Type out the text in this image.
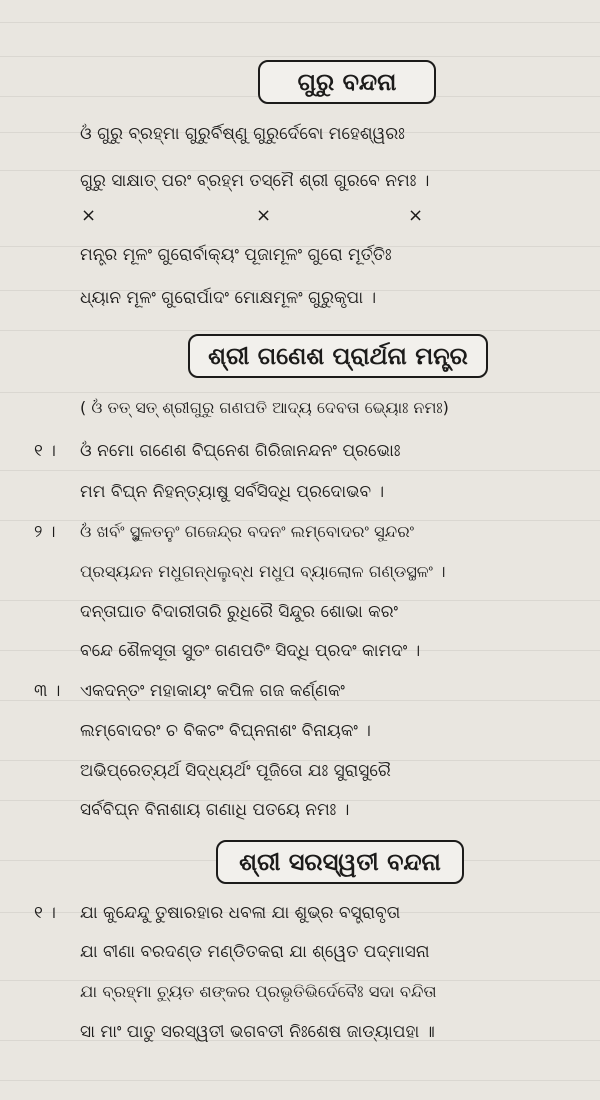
ଗୁରୁ ବନ୍ଦନା
ଓଁ ଗୁରୁ ବ୍ରହ୍ମା ଗୁରୁର୍ବିଷ୍ଣୁ ଗୁରୁର୍ଦେବୋ ମହେଶ୍ୱରଃ
ଗୁରୁ ସାକ୍ଷାତ୍ ପରଂ ବ୍ରହ୍ମ ତସ୍ମୈ ଶ୍ରୀ ଗୁରବେ ନମଃ ।
×	×	×
ମନ୍ତ୍ର ମୂଳଂ ଗୁରୋର୍ବାକ୍ୟଂ ପୂଜାମୂଳଂ ଗୁରୋ ମୂର୍ତ୍ତିଃ
ଧ୍ୟାନ ମୂଳଂ ଗୁରୋର୍ପାଦଂ ମୋକ୍ଷମୂଳଂ ଗୁରୁକୃପା ।
ଶ୍ରୀ ଗଣେଶ ପ୍ରାର୍ଥନା ମନ୍ତ୍ର
( ଓଁ ତତ୍ ସତ୍ ଶ୍ରୀଗୁରୁ ଗଣପତି ଆଦ୍ୟ ଦେବତା ଭ୍ୟୋଃ ନମଃ)
୧ । ଓଁ ନମୋ ଗଣେଶ ବିଘ୍ନେଶ ଗିରିଜାନନ୍ଦନଂ ପ୍ରଭୋଃ
ମମ ବିଘ୍ନ ନିହନ୍ତ୍ୟାଷୁ ସର୍ବସିଦ୍ଧି ପ୍ରଦୋଭବ ।
୨ । ଓଁ ଖର୍ବଂ ସ୍ଥୁଳତନୁଂ ଗଜେନ୍ଦ୍ର ବଦନଂ ଲମ୍ବୋଦରଂ ସୁନ୍ଦରଂ
ପ୍ରସ୍ୟନ୍ଦନ ମଧୁଗନ୍ଧଲୁବ୍ଧ ମଧୁପ ବ୍ୟାଲୋଳ ଗଣ୍ଡସ୍ଥଳଂ ।
ଦନ୍ତାଘାତ ବିଦାରୀତାରି ରୁଧିରୈ ସିନ୍ଦୁର ଶୋଭା କରଂ
ବନ୍ଦେ ଶୈଳସୂତା ସୁତଂ ଗଣପତିଂ ସିଦ୍ଧି ପ୍ରଦଂ କାମଦଂ ।
୩ । ଏକଦନ୍ତଂ ମହାକାୟଂ କପିଳ ଗଜ କର୍ଣ୍ଣକଂ
ଲମ୍ବୋଦରଂ ଚ ବିକଟଂ ବିଘ୍ନନାଶଂ ବିନାୟକଂ ।
ଅଭିପ୍ରେତ୍ୟର୍ଥ ସିଦ୍ଧ୍ୟର୍ଥଂ ପୂଜିତୋ ଯଃ ସୁରାସୁରୈ
ସର୍ବବିଘ୍ନ ବିନାଶାୟ ଗଣାଧି ପତୟେ ନମଃ ।
ଶ୍ରୀ ସରସ୍ୱତୀ ବନ୍ଦନା
୧ । ଯା କୁନ୍ଦେନ୍ଦୁ ତୁଷାରହାର ଧବଳା ଯା ଶୁଭ୍ର ବସ୍ତ୍ରାବୃତା
ଯା ବୀଣା ବରଦଣ୍ଡ ମଣ୍ଡିତକରା ଯା ଶ୍ୱେତ ପଦ୍ମାସନା
ଯା ବ୍ରହ୍ମା ଚ୍ୟୁତ ଶଙ୍କର ପ୍ରଭୃତିଭିର୍ଦେବୈଃ ସଦା ବନ୍ଦିତା
ସା ମାଂ ପାତୁ ସରସ୍ୱତୀ ଭଗବତୀ ନିଃଶେଷ ଜାଡ୍ୟାପହା ॥
